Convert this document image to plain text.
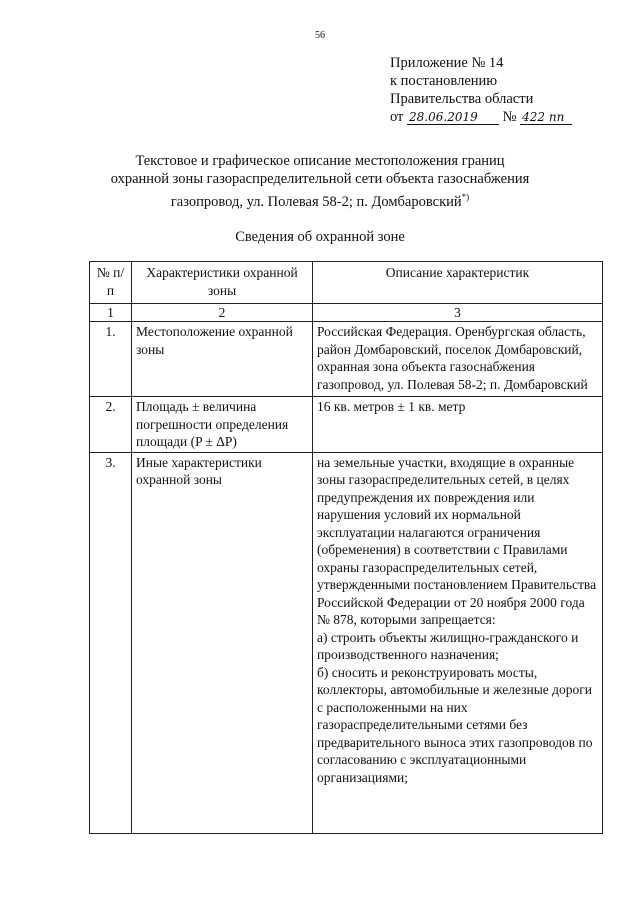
56
Приложение № 14
к постановлению
Правительства области
от 28.06.2019 № 422 пп
Текстовое и графическое описание местоположения границ
охранной зоны газораспределительной сети объекта газоснабжения
газопровод, ул. Полевая 58-2; п. Домбаровский*)
Сведения об охранной зоне
№ п/п	Характеристики охранной зоны	Описание характеристик
1	2	3
1.	Местоположение охранной зоны	Российская Федерация. Оренбургская область, район Домбаровский, поселок Домбаровский, охранная зона объекта газоснабжения газопровод, ул. Полевая 58-2; п. Домбаровский
2.	Площадь ± величина погрешности определения площади (P ± ΔP)	16 кв. метров ± 1 кв. метр
3.	Иные характеристики охранной зоны	на земельные участки, входящие в охранные зоны газораспределительных сетей, в целях предупреждения их повреждения или нарушения условий их нормальной эксплуатации налагаются ограничения (обременения) в соответствии с Правилами охраны газораспределительных сетей, утвержденными постановлением Правительства Российской Федерации от 20 ноября 2000 года № 878, которыми запрещается:
а) строить объекты жилищно-гражданского и производственного назначения;
б) сносить и реконструировать мосты, коллекторы, автомобильные и железные дороги с расположенными на них газораспределительными сетями без предварительного выноса этих газопроводов по согласованию с эксплуатационными организациями;
